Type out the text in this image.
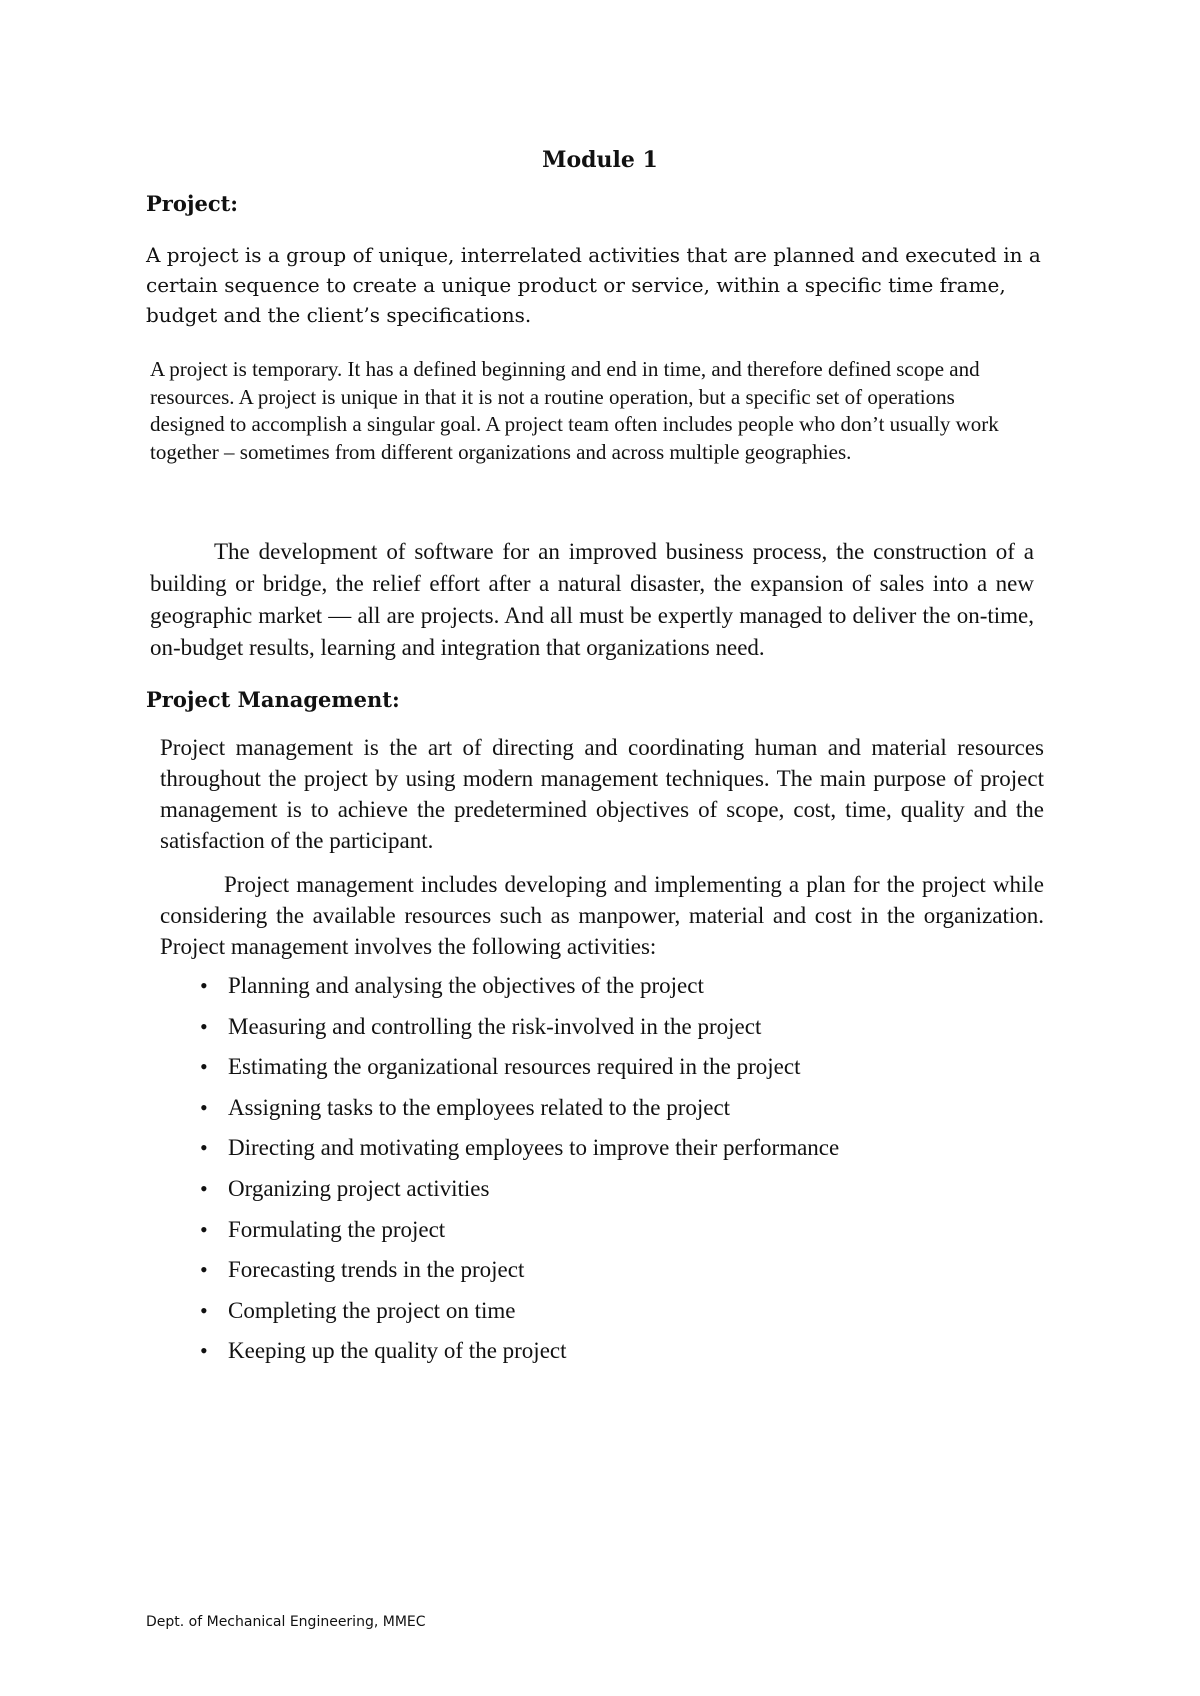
Module 1
Project:

A project is a group of unique, interrelated activities that are planned and executed in a certain sequence to create a unique product or service, within a specific time frame, budget and the client’s specifications.

A project is temporary. It has a defined beginning and end in time, and therefore defined scope and resources. A project is unique in that it is not a routine operation, but a specific set of operations designed to accomplish a singular goal. A project team often includes people who don’t usually work together – sometimes from different organizations and across multiple geographies.

The development of software for an improved business process, the construction of a building or bridge, the relief effort after a natural disaster, the expansion of sales into a new geographic market — all are projects. And all must be expertly managed to deliver the on-time, on-budget results, learning and integration that organizations need.

Project Management:

Project management is the art of directing and coordinating human and material resources throughout the project by using modern management techniques. The main purpose of project management is to achieve the predetermined objectives of scope, cost, time, quality and the satisfaction of the participant.

Project management includes developing and implementing a plan for the project while considering the available resources such as manpower, material and cost in the organization. Project management involves the following activities:

• Planning and analysing the objectives of the project
• Measuring and controlling the risk-involved in the project
• Estimating the organizational resources required in the project
• Assigning tasks to the employees related to the project
• Directing and motivating employees to improve their performance
• Organizing project activities
• Formulating the project
• Forecasting trends in the project
• Completing the project on time
• Keeping up the quality of the project
Dept. of Mechanical Engineering, MMEC
